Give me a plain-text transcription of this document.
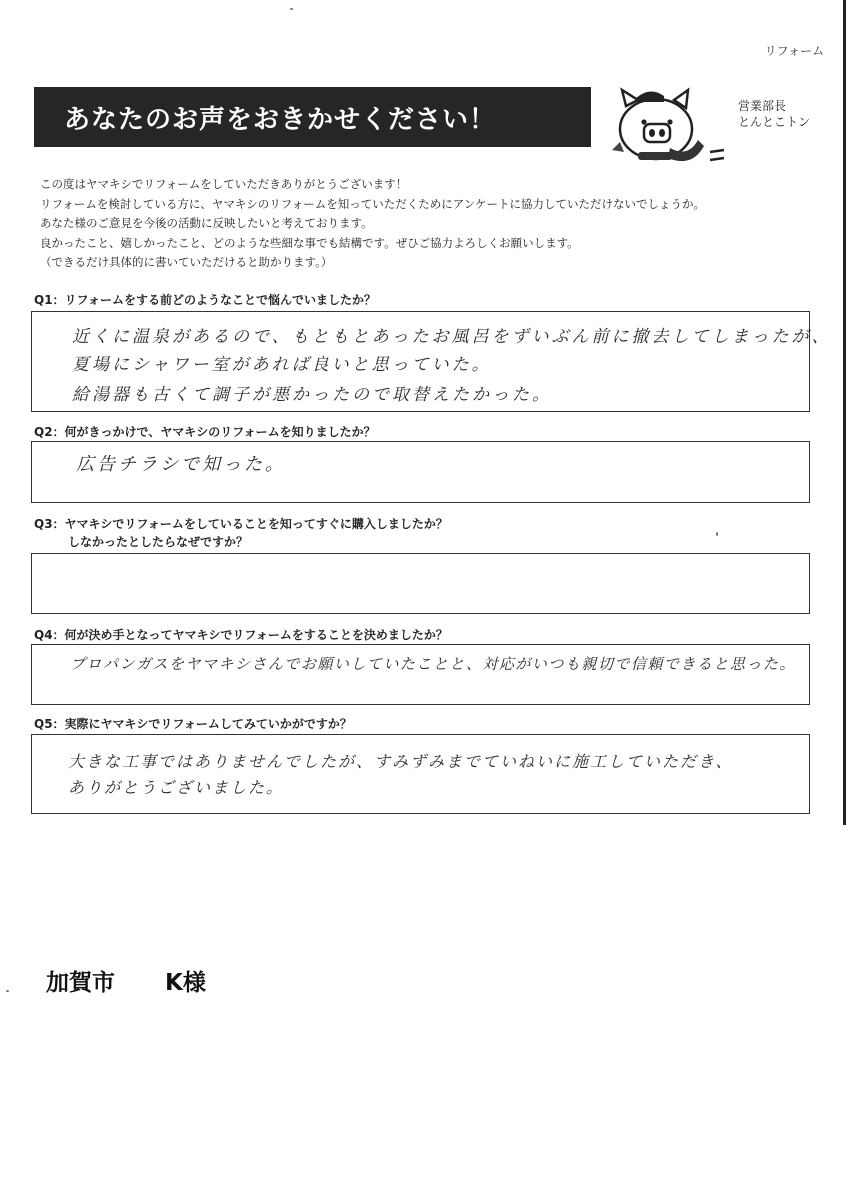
リフォーム
あなたのお声をおきかせください！	営業部長
とんとこトン

この度はヤマキシでリフォームをしていただきありがとうございます！

リフォームを検討している方に、ヤマキシのリフォームを知っていただくためにアンケートに協力していただけないでしょうか。

あなた様のご意見を今後の活動に反映したいと考えております。

良かったこと、嬉しかったこと、どのような些細な事でも結構です。ぜひご協力よろしくお願いします。

（できるだけ具体的に書いていただけると助かります。）

Q1：リフォームをする前どのようなことで悩んでいましたか？
近くに温泉があるので、もともとあったお風呂をずいぶん前に撤去してしまったが、
夏場にシャワー室があれば良いと思っていた。
給湯器も古くて調子が悪かったので取替えたかった。
Q2：何がきっかけで、ヤマキシのリフォームを知りましたか？
広告チラシで知った。
Q3：ヤマキシでリフォームをしていることを知ってすぐに購入しましたか？
しなかったとしたらなぜですか？
Q4：何が決め手となってヤマキシでリフォームをすることを決めましたか？
プロパンガスをヤマキシさんでお願いしていたことと、対応がいつも親切で信頼できると思った。
Q5：実際にヤマキシでリフォームしてみていかがですか？
大きな工事ではありませんでしたが、すみずみまでていねいに施工していただき、
ありがとうございました。
加賀市 K様
